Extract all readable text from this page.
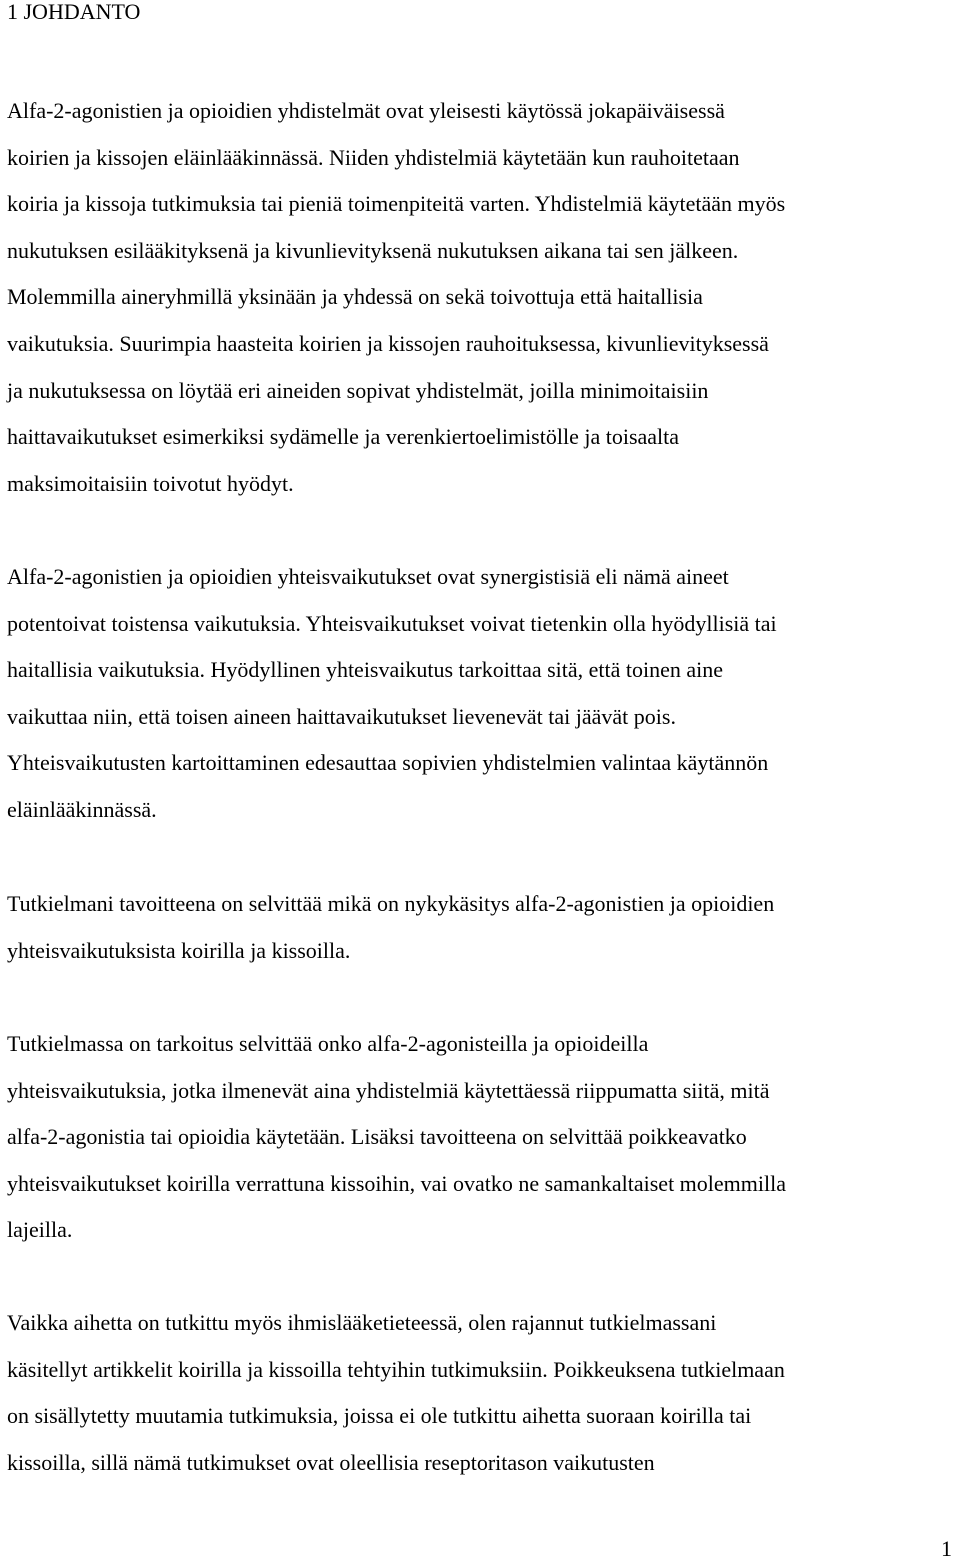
1 JOHDANTO

Alfa-2-agonistien ja opioidien yhdistelmät ovat yleisesti käytössä jokapäiväisessä
koirien ja kissojen eläinlääkinnässä. Niiden yhdistelmiä käytetään kun rauhoitetaan
koiria ja kissoja tutkimuksia tai pieniä toimenpiteitä varten. Yhdistelmiä käytetään myös
nukutuksen esilääkityksenä ja kivunlievityksenä nukutuksen aikana tai sen jälkeen.
Molemmilla aineryhmillä yksinään ja yhdessä on sekä toivottuja että haitallisia
vaikutuksia. Suurimpia haasteita koirien ja kissojen rauhoituksessa, kivunlievityksessä
ja nukutuksessa on löytää eri aineiden sopivat yhdistelmät, joilla minimoitaisiin
haittavaikutukset esimerkiksi sydämelle ja verenkiertoelimistölle ja toisaalta
maksimoitaisiin toivotut hyödyt.

Alfa-2-agonistien ja opioidien yhteisvaikutukset ovat synergistisiä eli nämä aineet
potentoivat toistensa vaikutuksia. Yhteisvaikutukset voivat tietenkin olla hyödyllisiä tai
haitallisia vaikutuksia. Hyödyllinen yhteisvaikutus tarkoittaa sitä, että toinen aine
vaikuttaa niin, että toisen aineen haittavaikutukset lievenevät tai jäävät pois.
Yhteisvaikutusten kartoittaminen edesauttaa sopivien yhdistelmien valintaa käytännön
eläinlääkinnässä.

Tutkielmani tavoitteena on selvittää mikä on nykykäsitys alfa-2-agonistien ja opioidien
yhteisvaikutuksista koirilla ja kissoilla.

Tutkielmassa on tarkoitus selvittää onko alfa-2-agonisteilla ja opioideilla
yhteisvaikutuksia, jotka ilmenevät aina yhdistelmiä käytettäessä riippumatta siitä, mitä
alfa-2-agonistia tai opioidia käytetään. Lisäksi tavoitteena on selvittää poikkeavatko
yhteisvaikutukset koirilla verrattuna kissoihin, vai ovatko ne samankaltaiset molemmilla
lajeilla.

Vaikka aihetta on tutkittu myös ihmislääketieteessä, olen rajannut tutkielmassani
käsitellyt artikkelit koirilla ja kissoilla tehtyihin tutkimuksiin. Poikkeuksena tutkielmaan
on sisällytetty muutamia tutkimuksia, joissa ei ole tutkittu aihetta suoraan koirilla tai
kissoilla, sillä nämä tutkimukset ovat oleellisia reseptoritason vaikutusten

1
